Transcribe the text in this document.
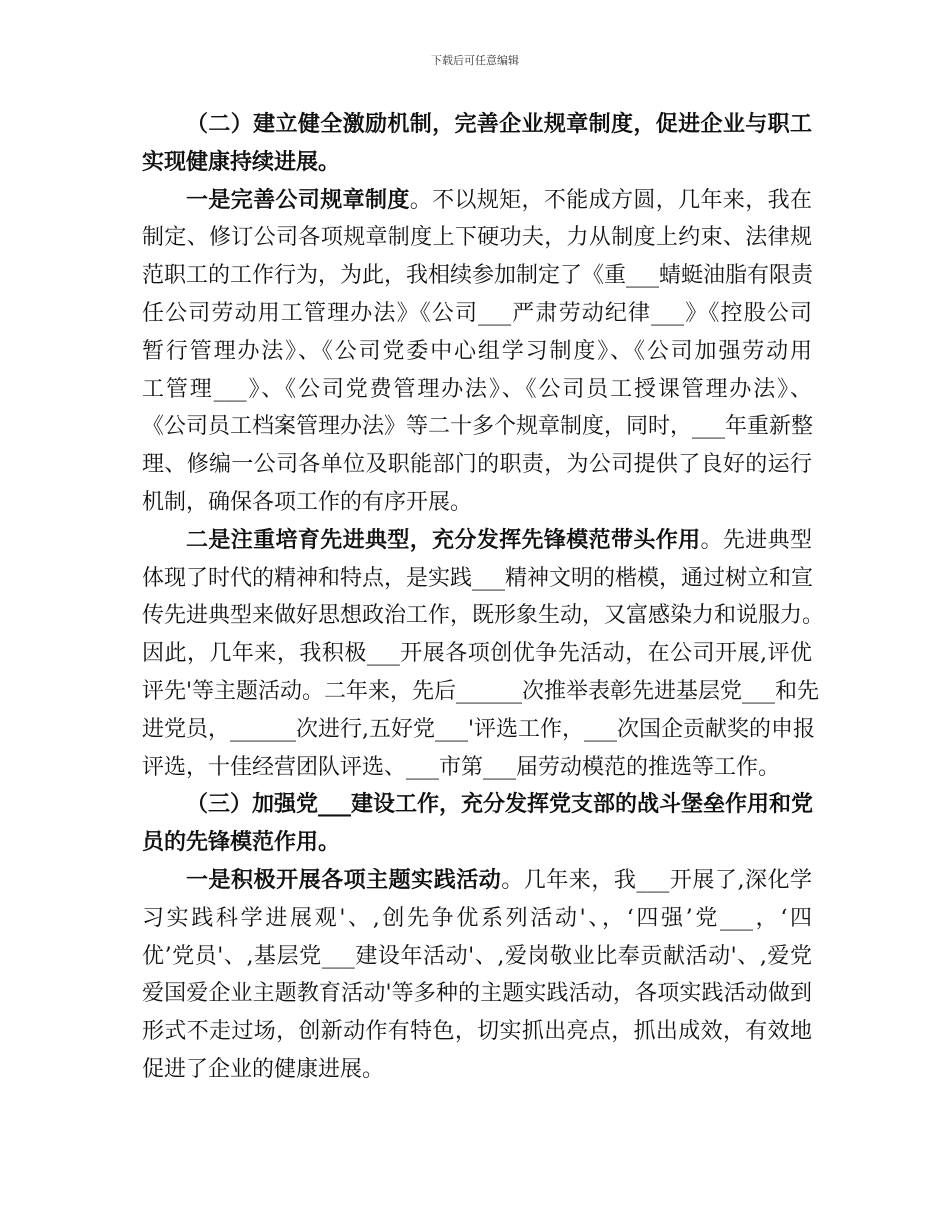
下载后可任意编辑
（二）建立健全激励机制，完善企业规章制度，促进企业与职工
实现健康持续进展。
一是完善公司规章制度。不以规矩，不能成方圆，几年来，我在
制定、修订公司各项规章制度上下硬功夫，力从制度上约束、法律规
范职工的工作行为，为此，我相续参加制定了《重___蜻蜓油脂有限责
任公司劳动用工管理办法》《公司___严肃劳动纪律___》《控股公司
暂行管理办法》、《公司党委中心组学习制度》、《公司加强劳动用
工管理___》、《公司党费管理办法》、《公司员工授课管理办法》、
《公司员工档案管理办法》等二十多个规章制度，同时，___年重新整
理、修编一公司各单位及职能部门的职责，为公司提供了良好的运行
机制，确保各项工作的有序开展。
二是注重培育先进典型，充分发挥先锋模范带头作用。先进典型
体现了时代的精神和特点，是实践___精神文明的楷模，通过树立和宣
传先进典型来做好思想政治工作，既形象生动，又富感染力和说服力。
因此，几年来，我积极___开展各项创优争先活动，在公司开展,评优
评先'等主题活动。二年来，先后______次推举表彰先进基层党___和先
进党员，______次进行,五好党___'评选工作，___次国企贡献奖的申报
评选，十佳经营团队评选、___市第___届劳动模范的推选等工作。
（三）加强党___建设工作，充分发挥党支部的战斗堡垒作用和党
员的先锋模范作用。
一是积极开展各项主题实践活动。几年来，我___开展了,深化学
习实践科学进展观'、,创先争优系列活动'、，‘四强’党___，‘四
优’党员'、,基层党___建设年活动'、,爱岗敬业比奉贡献活动'、,爱党
爱国爱企业主题教育活动'等多种的主题实践活动，各项实践活动做到
形式不走过场，创新动作有特色，切实抓出亮点，抓出成效，有效地
促进了企业的健康进展。
